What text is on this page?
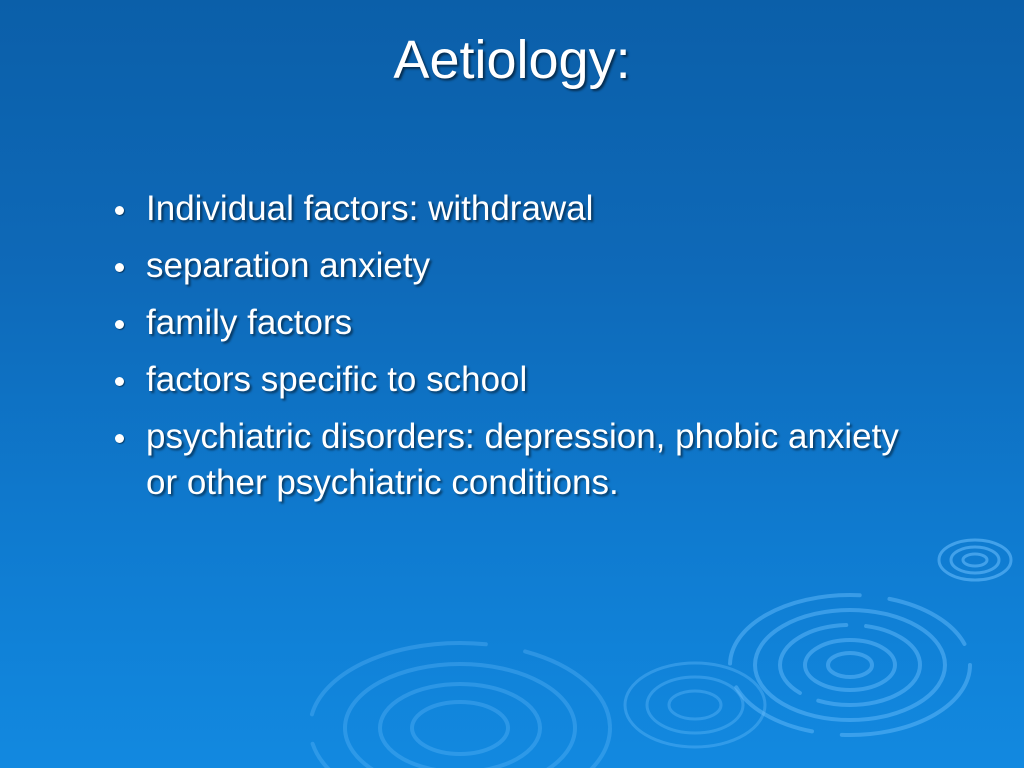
Aetiology:
Individual factors: withdrawal
separation anxiety
family factors
factors specific to school
psychiatric disorders: depression, phobic anxiety or other psychiatric conditions.
